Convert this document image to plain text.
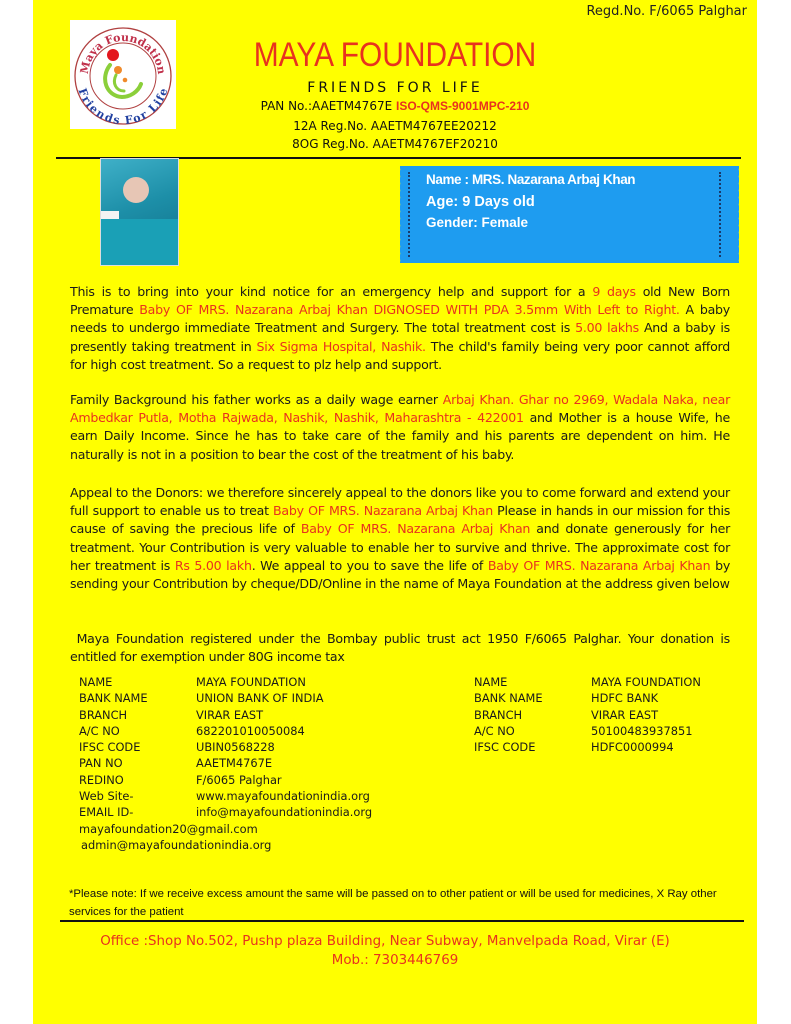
Regd.No. F/6065 Palghar
Maya Foundation
Friends For Life
MAYA FOUNDATION
FRIENDS FOR LIFE
PAN No.:AAETM4767E ISO-QMS-9001MPC-210
12A Reg.No. AAETM4767EE20212
8OG Reg.No. AAETM4767EF20210
Name : MRS. Nazarana Arbaj Khan
Age: 9 Days old
Gender: Female
This is to bring into your kind notice for an emergency help and support for a 9 days old New Born Premature Baby OF MRS. Nazarana Arbaj Khan DIGNOSED WITH PDA 3.5mm With Left to Right. A baby needs to undergo immediate Treatment and Surgery. The total treatment cost is 5.00 lakhs And a baby is presently taking treatment in Six Sigma Hospital, Nashik. The child's family being very poor cannot afford for high cost treatment. So a request to plz help and support.
Family Background his father works as a daily wage earner Arbaj Khan. Ghar no 2969, Wadala Naka, near Ambedkar Putla, Motha Rajwada, Nashik, Nashik, Maharashtra - 422001 and Mother is a house Wife, he earn Daily Income. Since he has to take care of the family and his parents are dependent on him. He naturally is not in a position to bear the cost of the treatment of his baby.
Appeal to the Donors: we therefore sincerely appeal to the donors like you to come forward and extend your full support to enable us to treat Baby OF MRS. Nazarana Arbaj Khan Please in hands in our mission for this cause of saving the precious life of Baby OF MRS. Nazarana Arbaj Khan and donate generously for her treatment. Your Contribution is very valuable to enable her to survive and thrive. The approximate cost for her treatment is Rs 5.00 lakh. We appeal to you to save the life of Baby OF MRS. Nazarana Arbaj Khan by sending your Contribution by cheque/DD/Online in the name of Maya Foundation at the address given below
Maya Foundation registered under the Bombay public trust act 1950 F/6065 Palghar. Your donation is entitled for exemption under 80G income tax
NAME	MAYA FOUNDATION
BANK NAME	UNION BANK OF INDIA
BRANCH	VIRAR EAST
A/C NO	682201010050084
IFSC CODE	UBIN0568228
PAN NO	AAETM4767E
REDINO	F/6065 Palghar
Web Site-	www.mayafoundationindia.org
EMAIL ID-	info@mayafoundationindia.org
mayafoundation20@gmail.com
admin@mayafoundationindia.org
NAME	MAYA FOUNDATION
BANK NAME	HDFC BANK
BRANCH	VIRAR EAST
A/C NO	50100483937851
IFSC CODE	HDFC0000994
*Please note: If we receive excess amount the same will be passed on to other patient or will be used for medicines, X Ray other services for the patient
Office :Shop No.502, Pushp plaza Building, Near Subway, Manvelpada Road, Virar (E)
Mob.: 7303446769
